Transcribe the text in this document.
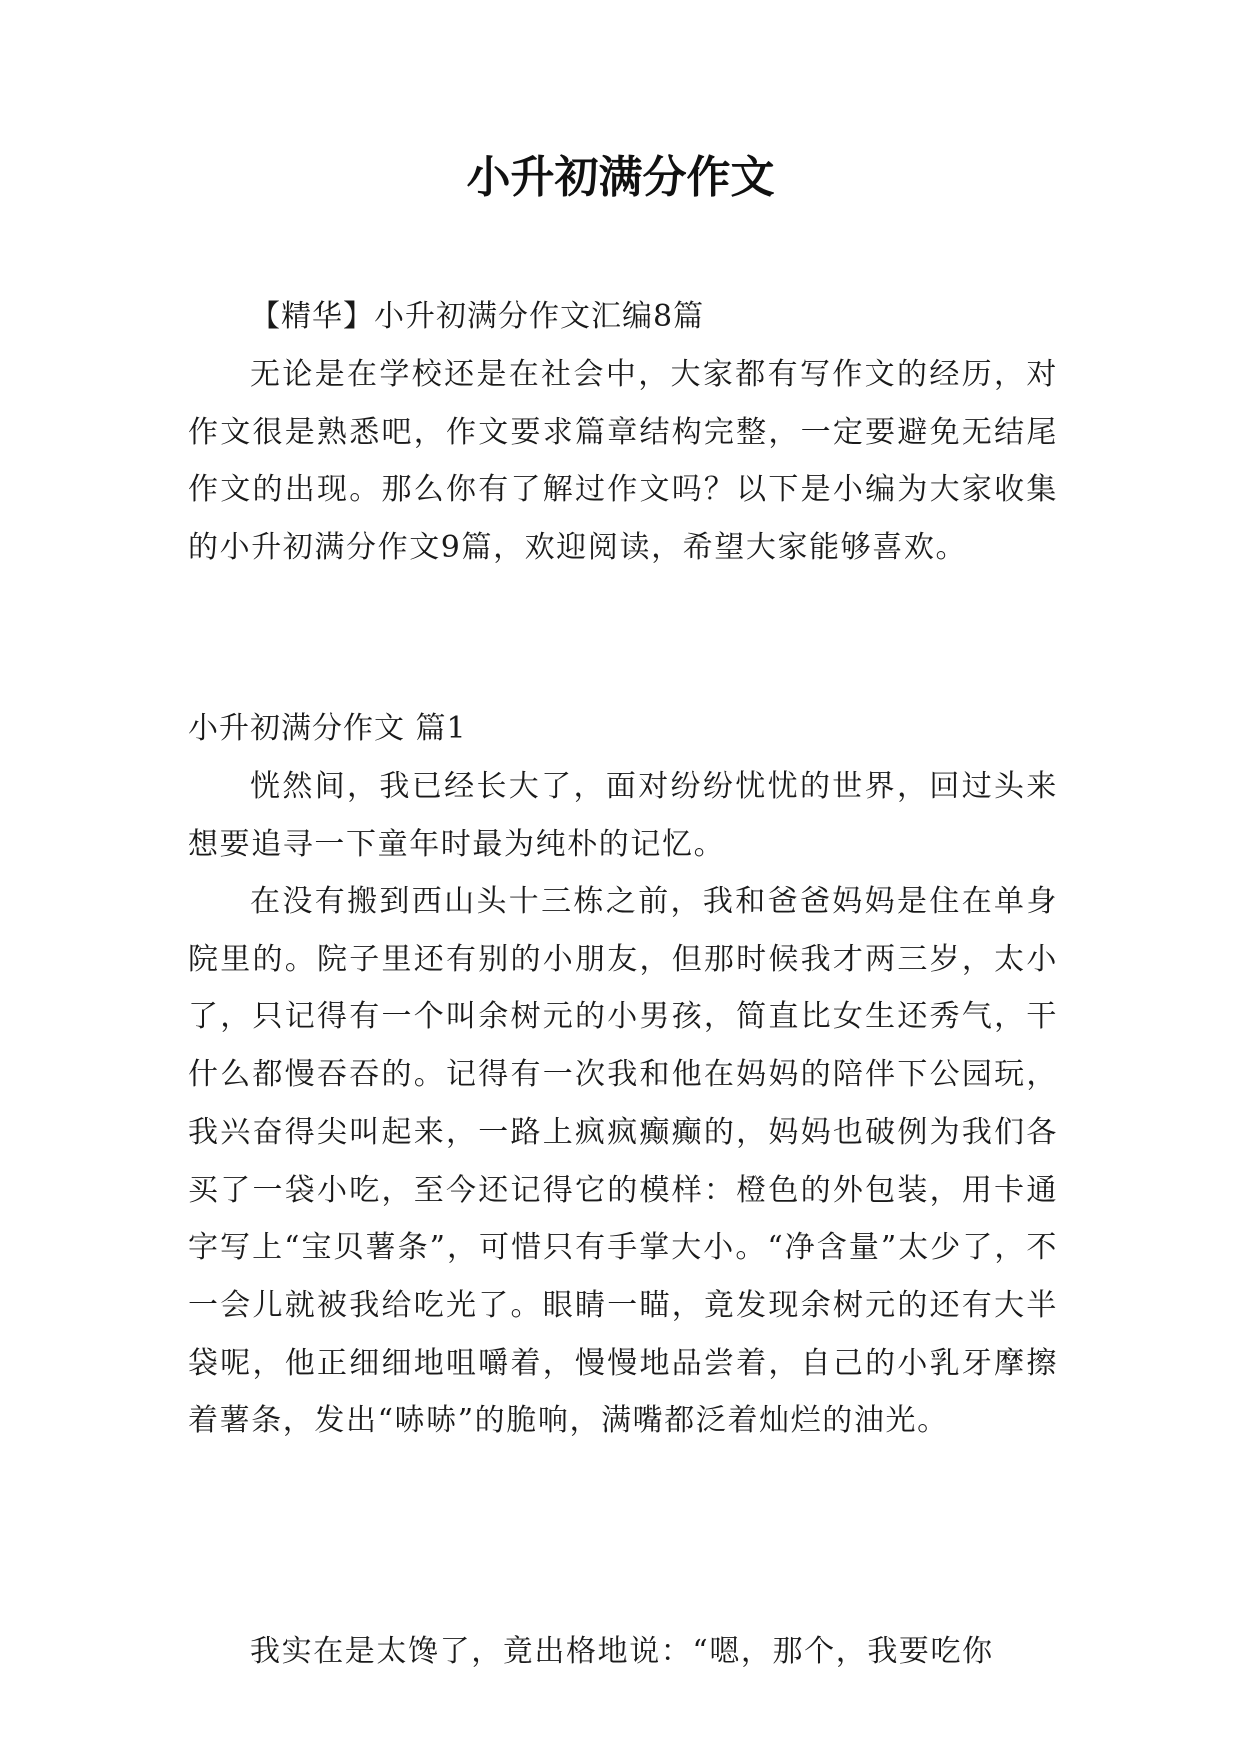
小升初满分作文

【精华】小升初满分作文汇编8篇

无论是在学校还是在社会中，大家都有写作文的经历，对作文很是熟悉吧，作文要求篇章结构完整，一定要避免无结尾作文的出现。那么你有了解过作文吗？以下是小编为大家收集的小升初满分作文9篇，欢迎阅读，希望大家能够喜欢。

小升初满分作文 篇1

恍然间，我已经长大了，面对纷纷忧忧的世界，回过头来想要追寻一下童年时最为纯朴的记忆。

在没有搬到西山头十三栋之前，我和爸爸妈妈是住在单身院里的。院子里还有别的小朋友，但那时候我才两三岁，太小了，只记得有一个叫余树元的小男孩，简直比女生还秀气，干什么都慢吞吞的。记得有一次我和他在妈妈的陪伴下公园玩，我兴奋得尖叫起来，一路上疯疯癫癫的，妈妈也破例为我们各买了一袋小吃，至今还记得它的模样：橙色的外包装，用卡通字写上“宝贝薯条”，可惜只有手掌大小。“净含量”太少了，不一会儿就被我给吃光了。眼睛一瞄，竟发现余树元的还有大半袋呢，他正细细地咀嚼着，慢慢地品尝着，自己的小乳牙摩擦着薯条，发出“哧哧”的脆响，满嘴都泛着灿烂的油光。

我实在是太馋了，竟出格地说：“嗯，那个，我要吃你
